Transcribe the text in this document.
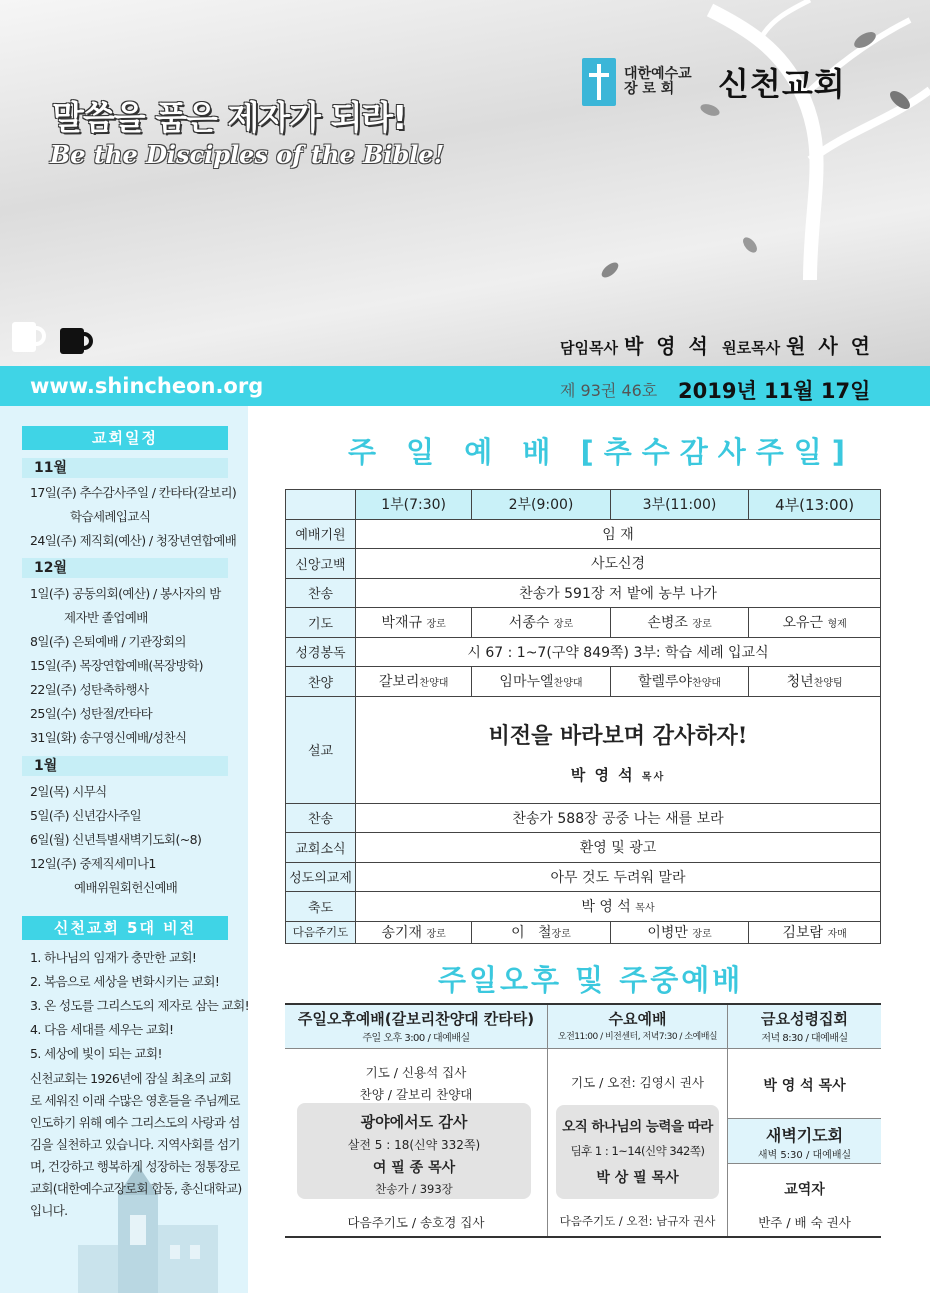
말씀을 품은 제자가 되라!
Be the Disciples of the Bible!
대한예수교
장 로 회	신천교회
담임목사 박 영 석 원로목사 원 사 연
www.shincheon.org	제 93권 46호 2019년 11월 17일
교회일정
11월
17일(주) 추수감사주일 / 칸타타(갈보리)
학습세례입교식
24일(주) 제직회(예산) / 청장년연합예배
12월
1일(주) 공동의회(예산) / 봉사자의 밤
제자반 졸업예배
8일(주) 은퇴예배 / 기관장회의
15일(주) 목장연합예배(목장방학)
22일(주) 성탄축하행사
25일(수) 성탄절/칸타타
31일(화) 송구영신예배/성찬식
1월
2일(목) 시무식
5일(주) 신년감사주일
6일(월) 신년특별새벽기도회(~8)
12일(주) 중제직세미나1
예배위원회헌신예배
신천교회 5대 비전
1. 하나님의 임재가 충만한 교회!
2. 복음으로 세상을 변화시키는 교회!
3. 온 성도를 그리스도의 제자로 삼는 교회!
4. 다음 세대를 세우는 교회!
5. 세상에 빛이 되는 교회!
신천교회는 1926년에 잠실 최초의 교회로 세워진 이래 수많은 영혼들을 주님께로 인도하기 위해 예수 그리스도의 사랑과 섬김을 실천하고 있습니다. 지역사회를 섬기며, 건강하고 행복하게 성장하는 정통장로교회(대한예수교장로회 합동, 총신대학교)입니다.
주 일 예 배 [추수감사주일]
	1부(7:30)	2부(9:00)	3부(11:00)	4부(13:00)
예배기원	임 재			
신앙고백	사도신경			
찬송	찬송가 591장 저 밭에 농부 나가			
기도	박재규 장로	서종수 장로	손병조 장로	오유근 형제
성경봉독	시 67 : 1~7(구약 849쪽) 3부: 학습 세례 입교식			
찬양	갈보리찬양대	임마누엘찬양대	할렐루야찬양대	청년찬양팀
설교	비전을 바라보며 감사하자!
박 영 석 목사			

찬송	찬송가 588장 공중 나는 새를 보라			
교회소식	환영 및 광고			
성도의교제	아무 것도 두려워 말라			
축도	박 영 석 목사			
다음주기도	송기재 장로	이   철장로	이병만 장로	김보람 자매
주일오후 및 주중예배
주일오후예배(갈보리찬양대 칸타타)
주일 오후 3:00 / 대예배실
기도 / 신용석 집사
찬양 / 갈보리 찬양대
광야에서도 감사
살전 5 : 18(신약 332쪽)
여 필 종 목사
찬송가 / 393장
다음주기도 / 송호경 집사
수요예배
오전11:00 / 비전센터, 저녁7:30 / 소예배실
기도 / 오전: 김영시 권사
오직 하나님의 능력을 따라
딤후 1 : 1~14(신약 342쪽)
박 상 필 목사
다음주기도 / 오전: 남규자 권사
금요성령집회
저녁 8:30 / 대예배실
박 영 석 목사
새벽기도회
새벽 5:30 / 대예배실
교역자
반주 / 배 숙 권사
